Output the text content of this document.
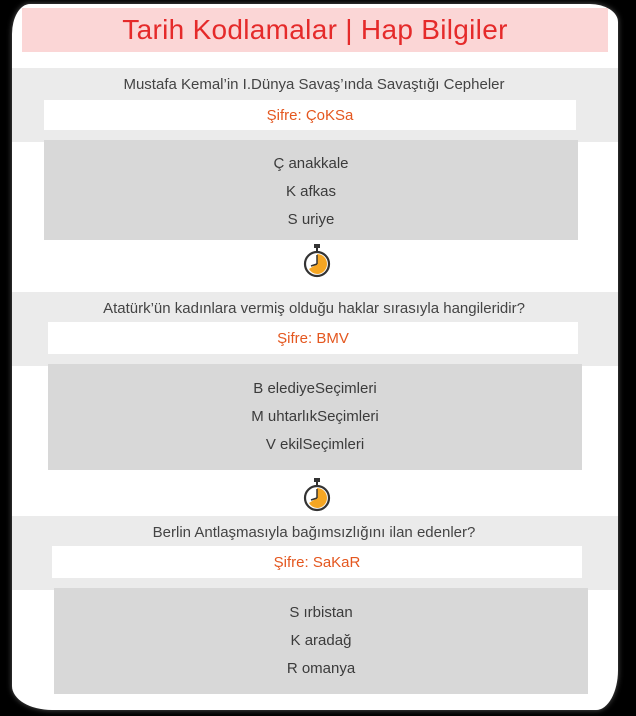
Tarih Kodlamalar | Hap Bilgiler
Mustafa Kemal’in I.Dünya Savaş’ında Savaştığı Cepheler
Şifre: ÇoKSa
Ç anakkale
K afkas
S uriye
Atatürk’ün kadınlara vermiş olduğu haklar sırasıyla hangileridir?
Şifre: BMV
B elediyeSeçimleri
M uhtarlıkSeçimleri
V ekilSeçimleri
Berlin Antlaşmasıyla bağımsızlığını ilan edenler?
Şifre: SaKaR
S ırbistan
K aradağ
R omanya
